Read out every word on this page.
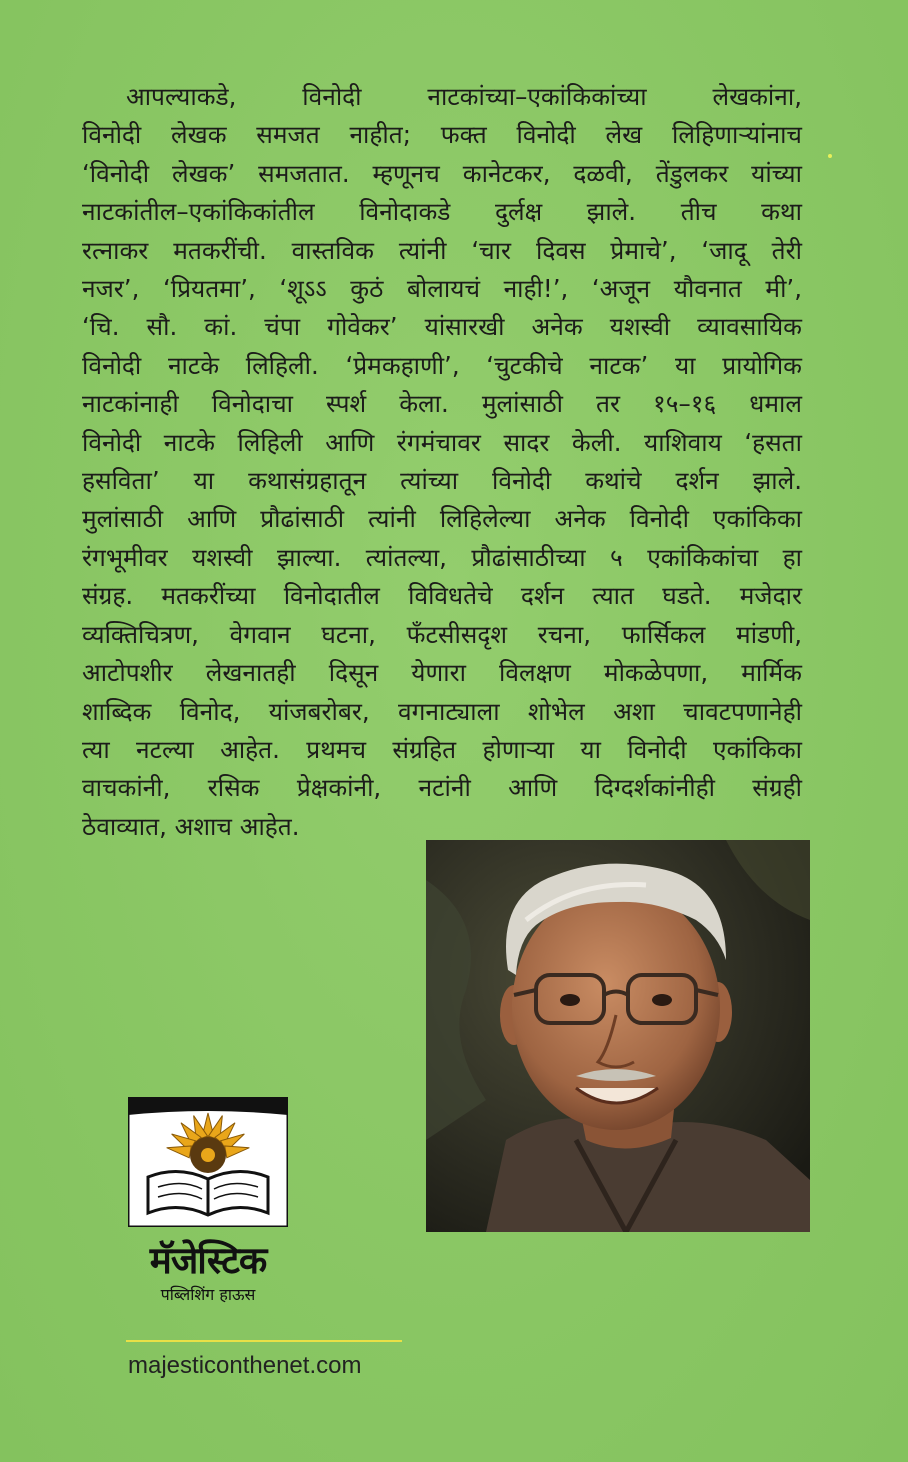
आपल्याकडे, विनोदी नाटकांच्या–एकांकिकांच्या लेखकांना,
विनोदी लेखक समजत नाहीत; फक्त विनोदी लेख लिहिणाऱ्यांनाच
‘विनोदी लेखक’ समजतात. म्हणूनच कानेटकर, दळवी, तेंडुलकर यांच्या
नाटकांतील–एकांकिकांतील विनोदाकडे दुर्लक्ष झाले. तीच कथा
रत्नाकर मतकरींची. वास्तविक त्यांनी ‘चार दिवस प्रेमाचे’, ‘जादू तेरी
नजर’, ‘प्रियतमा’, ‘शूऽऽ कुठं बोलायचं नाही!’, ‘अजून यौवनात मी’,
‘चि. सौ. कां. चंपा गोवेकर’ यांसारखी अनेक यशस्वी व्यावसायिक
विनोदी नाटके लिहिली. ‘प्रेमकहाणी’, ‘चुटकीचे नाटक’ या प्रायोगिक
नाटकांनाही विनोदाचा स्पर्श केला. मुलांसाठी तर १५–१६ धमाल
विनोदी नाटके लिहिली आणि रंगमंचावर सादर केली. याशिवाय ‘हसता
हसविता’ या कथासंग्रहातून त्यांच्या विनोदी कथांचे दर्शन झाले.
मुलांसाठी आणि प्रौढांसाठी त्यांनी लिहिलेल्या अनेक विनोदी एकांकिका
रंगभूमीवर यशस्वी झाल्या. त्यांतल्या, प्रौढांसाठीच्या ५ एकांकिकांचा हा
संग्रह. मतकरींच्या विनोदातील विविधतेचे दर्शन त्यात घडते. मजेदार
व्यक्तिचित्रण, वेगवान घटना, फँटसीसदृश रचना, फार्सिकल मांडणी,
आटोपशीर लेखनातही दिसून येणारा विलक्षण मोकळेपणा, मार्मिक
शाब्दिक विनोद, यांजबरोबर, वगनाट्याला शोभेल अशा चावटपणानेही
त्या नटल्या आहेत. प्रथमच संग्रहित होणाऱ्या या विनोदी एकांकिका
वाचकांनी, रसिक प्रेक्षकांनी, नटांनी आणि दिग्दर्शकांनीही संग्रही
ठेवाव्यात, अशाच आहेत.
मॅजेस्टिक
पब्लिशिंग हाऊस
majesticonthenet.com
